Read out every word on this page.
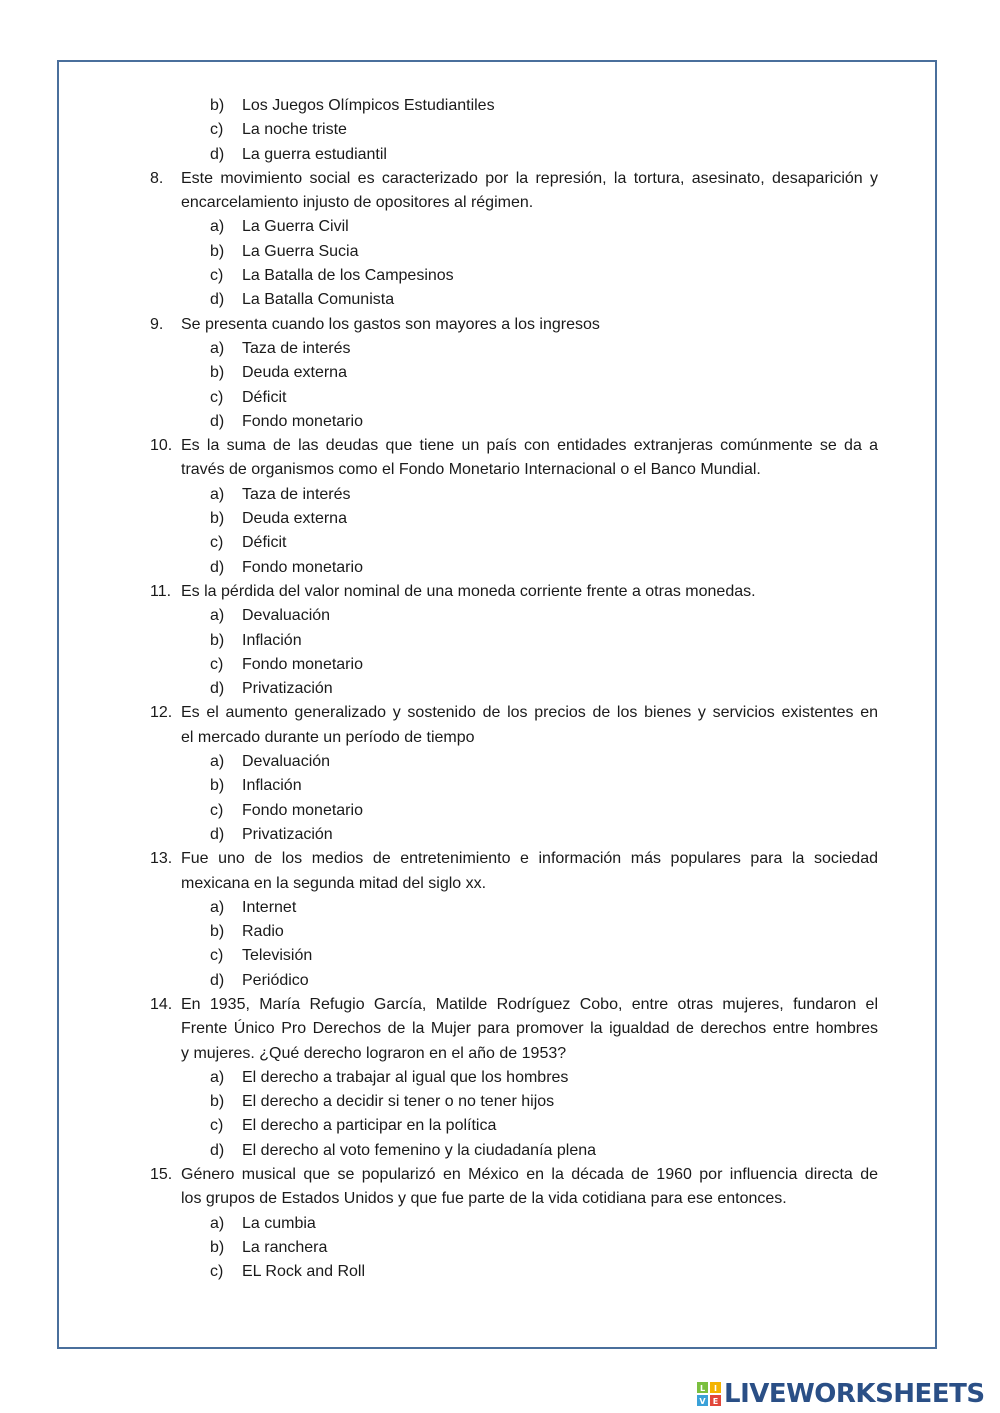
b) Los Juegos Olímpicos Estudiantiles
c) La noche triste
d) La guerra estudiantil
8. Este movimiento social es caracterizado por la represión, la tortura, asesinato, desaparición y
encarcelamiento injusto de opositores al régimen.
a) La Guerra Civil
b) La Guerra Sucia
c) La Batalla de los Campesinos
d) La Batalla Comunista
9. Se presenta cuando los gastos son mayores a los ingresos
a) Taza de interés
b) Deuda externa
c) Déficit
d) Fondo monetario
10. Es la suma de las deudas que tiene un país con entidades extranjeras comúnmente se da a
través de organismos como el Fondo Monetario Internacional o el Banco Mundial.
a) Taza de interés
b) Deuda externa
c) Déficit
d) Fondo monetario
11. Es la pérdida del valor nominal de una moneda corriente frente a otras monedas.
a) Devaluación
b) Inflación
c) Fondo monetario
d) Privatización
12. Es el aumento generalizado y sostenido de los precios de los bienes y servicios existentes en
el mercado durante un período de tiempo
a) Devaluación
b) Inflación
c) Fondo monetario
d) Privatización
13. Fue uno de los medios de entretenimiento e información más populares para la sociedad
mexicana en la segunda mitad del siglo xx.
a) Internet
b) Radio
c) Televisión
d) Periódico
14. En 1935, María Refugio García, Matilde Rodríguez Cobo, entre otras mujeres, fundaron el
Frente Único Pro Derechos de la Mujer para promover la igualdad de derechos entre hombres
y mujeres. ¿Qué derecho lograron en el año de 1953?
a) El derecho a trabajar al igual que los hombres
b) El derecho a decidir si tener o no tener hijos
c) El derecho a participar en la política
d) El derecho al voto femenino y la ciudadanía plena
15. Género musical que se popularizó en México en la década de 1960 por influencia directa de
los grupos de Estados Unidos y que fue parte de la vida cotidiana para ese entonces.
a) La cumbia
b) La ranchera
c) EL Rock and Roll
L I
V E LIVEWORKSHEETS
